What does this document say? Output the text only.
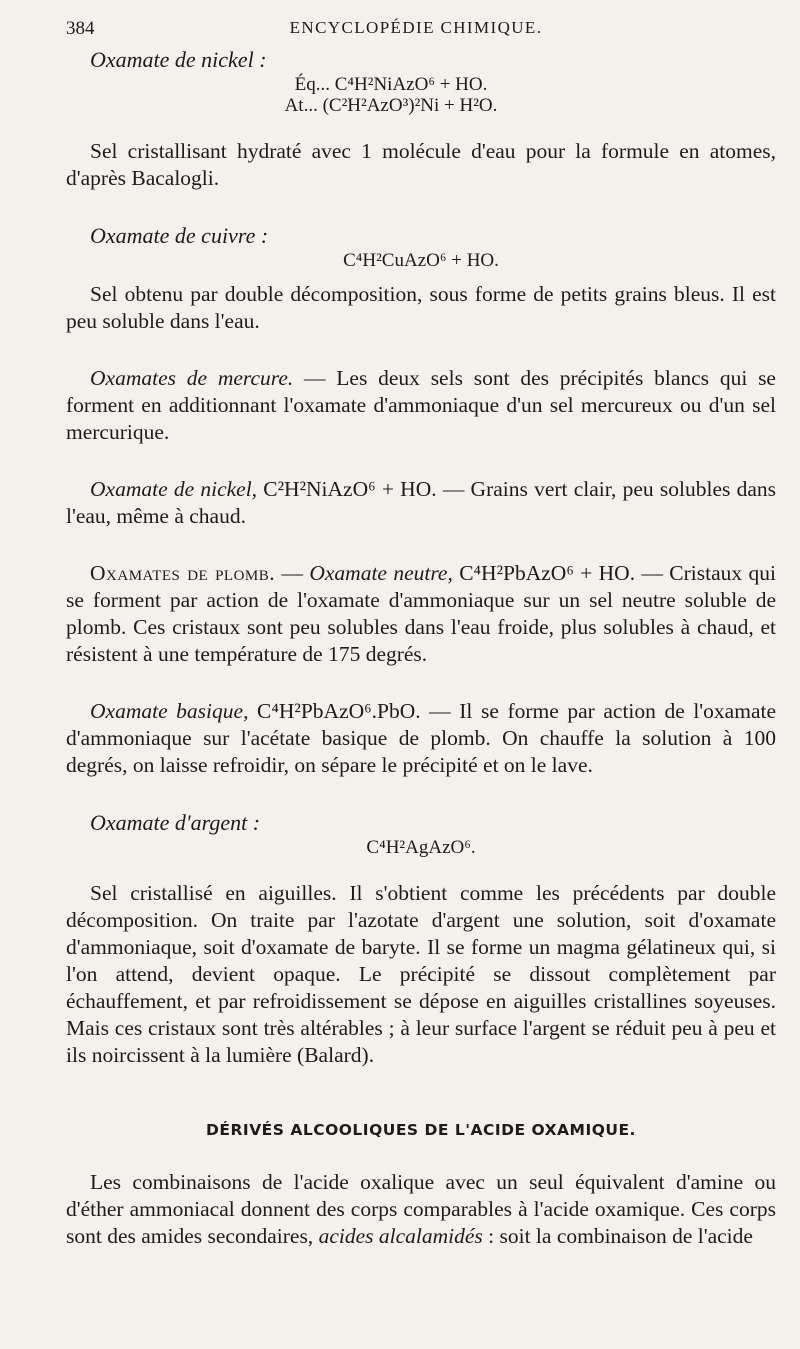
384	ENCYCLOPÉDIE CHIMIQUE.

Oxamate de nickel :

Éq... C⁴H²NiAzO⁶ + HO.

At... (C²H²AzO³)²Ni + H²O.

Sel cristallisant hydraté avec 1 molécule d'eau pour la formule en atomes, d'après Bacalogli.

Oxamate de cuivre :

C⁴H²CuAzO⁶ + HO.

Sel obtenu par double décomposition, sous forme de petits grains bleus. Il est peu soluble dans l'eau.

Oxamates de mercure. — Les deux sels sont des précipités blancs qui se forment en additionnant l'oxamate d'ammoniaque d'un sel mercureux ou d'un sel mercurique.

Oxamate de nickel, C²H²NiAzO⁶ + HO. — Grains vert clair, peu solubles dans l'eau, même à chaud.

Oxamates de plomb. — Oxamate neutre, C⁴H²PbAzO⁶ + HO. — Cristaux qui se forment par action de l'oxamate d'ammoniaque sur un sel neutre soluble de plomb. Ces cristaux sont peu solubles dans l'eau froide, plus solubles à chaud, et résistent à une température de 175 degrés.

Oxamate basique, C⁴H²PbAzO⁶.PbO. — Il se forme par action de l'oxamate d'ammoniaque sur l'acétate basique de plomb. On chauffe la solution à 100 degrés, on laisse refroidir, on sépare le précipité et on le lave.

Oxamate d'argent :

C⁴H²AgAzO⁶.

Sel cristallisé en aiguilles. Il s'obtient comme les précédents par double décomposition. On traite par l'azotate d'argent une solution, soit d'oxamate d'ammoniaque, soit d'oxamate de baryte. Il se forme un magma gélatineux qui, si l'on attend, devient opaque. Le précipité se dissout complètement par échauffement, et par refroidissement se dépose en aiguilles cristallines soyeuses. Mais ces cristaux sont très altérables ; à leur surface l'argent se réduit peu à peu et ils noircissent à la lumière (Balard).

DÉRIVÉS ALCOOLIQUES DE L'ACIDE OXAMIQUE.

Les combinaisons de l'acide oxalique avec un seul équivalent d'amine ou d'éther ammoniacal donnent des corps comparables à l'acide oxamique. Ces corps sont des amides secondaires, acides alcalamidés : soit la combinaison de l'acide
